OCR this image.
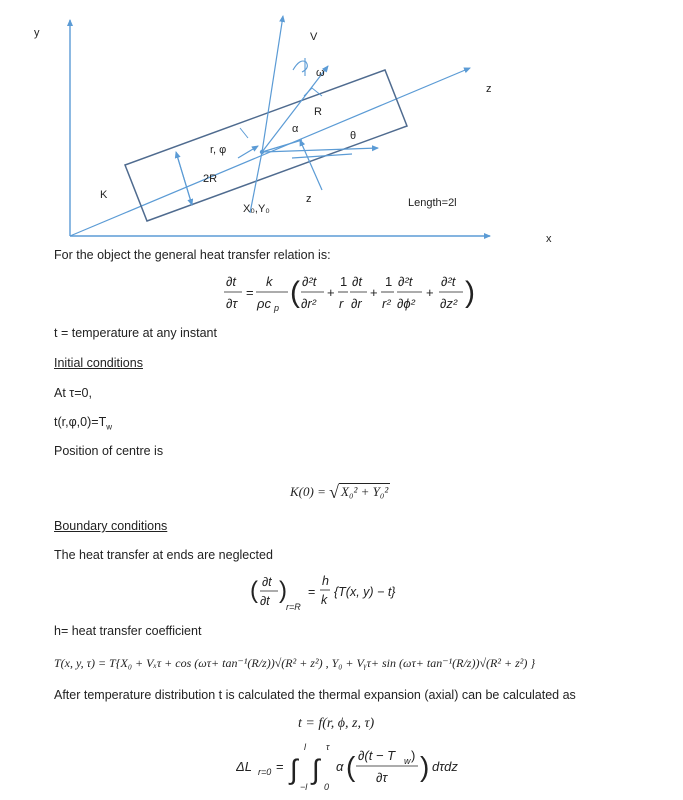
y
x
z
V
ω
R
α
θ
r, φ
2R
K
X₀,Y₀
z	Length=2l
For the object the general heat transfer relation is:
∂t
∂τ
=
k
ρc p ( ∂²t
∂r²
+
1
r
∂t
∂r
+
1
r²
∂²t
∂ϕ²
+
∂²t
∂z² )
t = temperature at any instant
Initial conditions
At τ=0,
$t(r,\varphi,0)=T_w$
Position of centre is
K(0) = √ X₀² + Y₀²
Boundary conditions
The heat transfer at ends are neglected
( ∂t
∂t )
r=R
=
h
k
{T(x, y) − t}
h= heat transfer coefficient
T(x, y, τ) = T{X₀ + Vₓτ + cos (ωτ+ tan⁻¹(R/z))√(R² + z²) , Y₀ + Vᵧτ+ sin (ωτ+ tan⁻¹(R/z))√(R² + z²) }
After temperature distribution t is calculated the thermal expansion (axial) can be calculated as
t = f(r, ϕ, z, τ)
ΔL r=0 = ∫
l
−l
∫
τ
0
α ( ∂(t − T w )
∂τ ) dτdz
